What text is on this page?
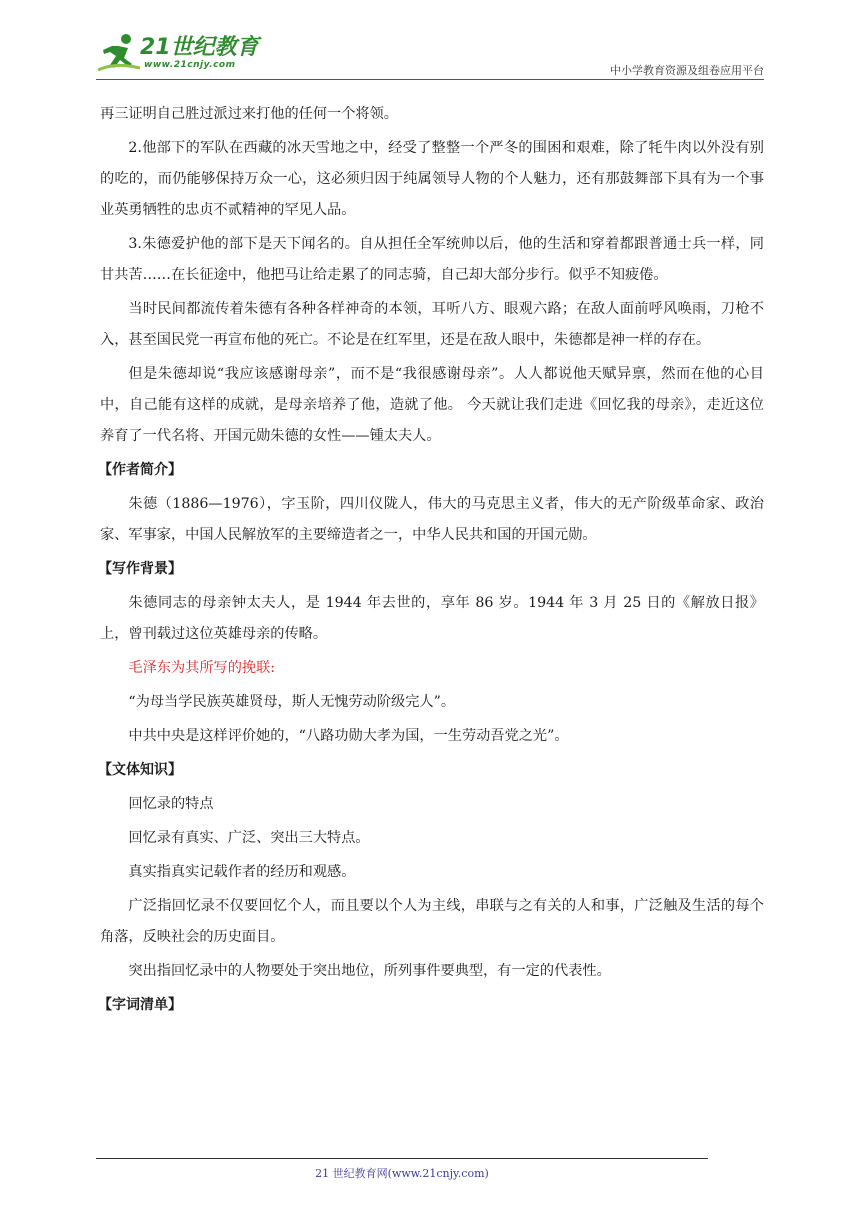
21世纪教育
www.21cnjy.com	中小学教育资源及组卷应用平台

再三证明自己胜过派过来打他的任何一个将领。

2.他部下的军队在西藏的冰天雪地之中，经受了整整一个严冬的围困和艰难，除了牦牛肉以外没有别的吃的，而仍能够保持万众一心，这必须归因于纯属领导人物的个人魅力，还有那鼓舞部下具有为一个事业英勇牺牲的忠贞不贰精神的罕见人品。

3.朱德爱护他的部下是天下闻名的。自从担任全军统帅以后，他的生活和穿着都跟普通士兵一样，同甘共苦……在长征途中，他把马让给走累了的同志骑，自己却大部分步行。似乎不知疲倦。

当时民间都流传着朱德有各种各样神奇的本领，耳听八方、眼观六路；在敌人面前呼风唤雨，刀枪不入，甚至国民党一再宣布他的死亡。不论是在红军里，还是在敌人眼中，朱德都是神一样的存在。

但是朱德却说“我应该感谢母亲”，而不是“我很感谢母亲”。人人都说他天赋异禀，然而在他的心目中，自己能有这样的成就，是母亲培养了他，造就了他。 今天就让我们走进《回忆我的母亲》，走近这位养育了一代名将、开国元勋朱德的女性——锺太夫人。

【作者简介】

朱德（1886—1976），字玉阶，四川仪陇人，伟大的马克思主义者，伟大的无产阶级革命家、政治家、军事家，中国人民解放军的主要缔造者之一，中华人民共和国的开国元勋。

【写作背景】

朱德同志的母亲钟太夫人，是 1944 年去世的，享年 86 岁。1944 年 3 月 25 日的《解放日报》上，曾刊载过这位英雄母亲的传略。

毛泽东为其所写的挽联:

“为母当学民族英雄贤母，斯人无愧劳动阶级完人”。

中共中央是这样评价她的，“八路功勋大孝为国，一生劳动吾党之光”。

【文体知识】

回忆录的特点

回忆录有真实、广泛、突出三大特点。

真实指真实记载作者的经历和观感。

广泛指回忆录不仅要回忆个人，而且要以个人为主线，串联与之有关的人和事，广泛触及生活的每个角落，反映社会的历史面目。

突出指回忆录中的人物要处于突出地位，所列事件要典型，有一定的代表性。

【字词清单】

21 世纪教育网(www.21cnjy.com)
